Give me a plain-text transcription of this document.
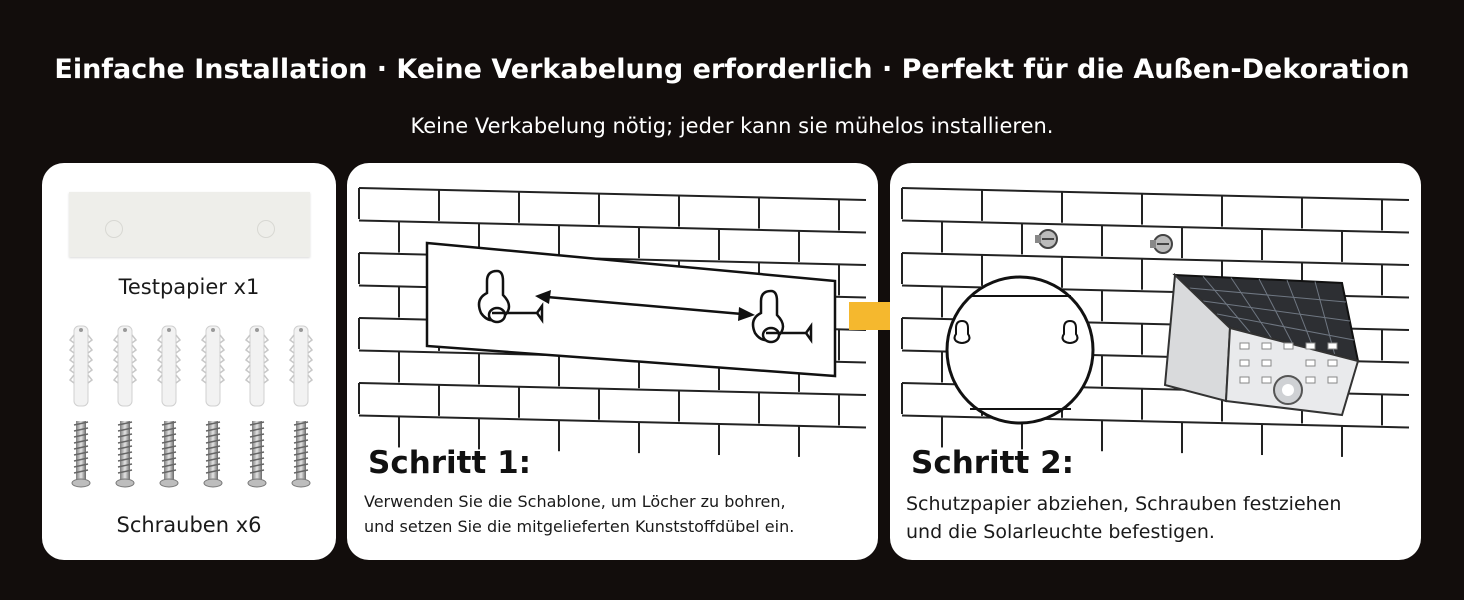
Einfache Installation · Keine Verkabelung erforderlich · Perfekt für die Außen-Dekoration
Keine Verkabelung nötig; jeder kann sie mühelos installieren.
Testpapier x1
Schrauben x6
Schritt 1:
Verwenden Sie die Schablone, um Löcher zu bohren,
und setzen Sie die mitgelieferten Kunststoffdübel ein.
Schritt 2:
Schutzpapier abziehen, Schrauben festziehen
und die Solarleuchte befestigen.
